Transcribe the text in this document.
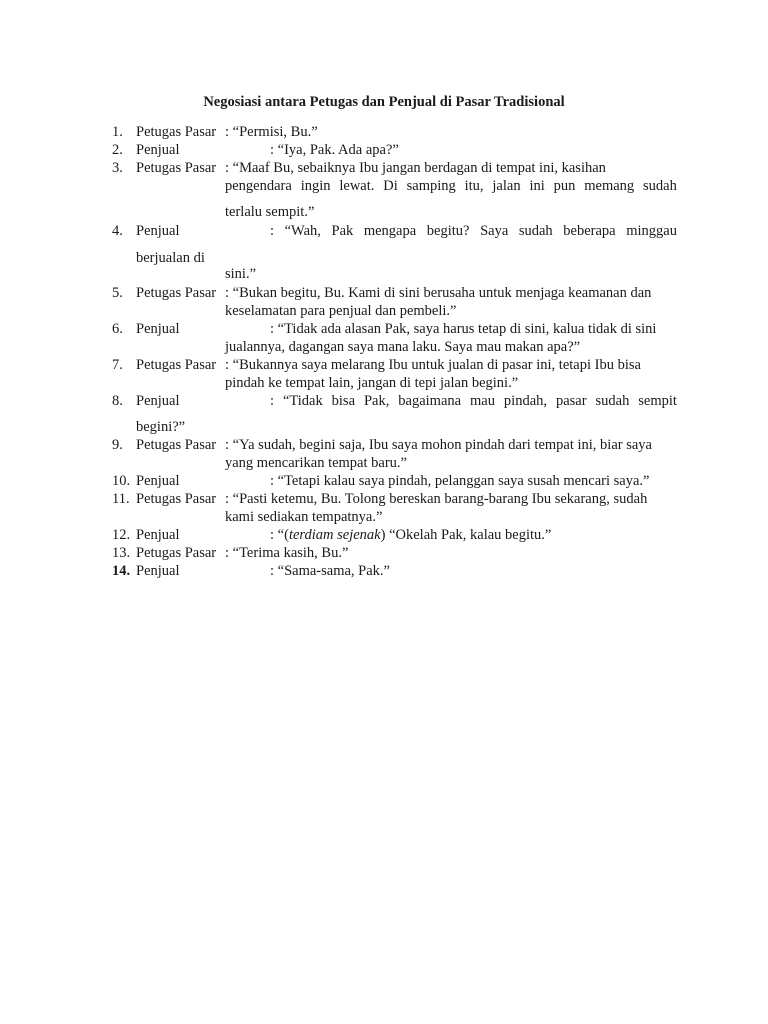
Negosiasi antara Petugas dan Penjual di Pasar Tradisional
1. Petugas Pasar : “Permisi, Bu.”
2. Penjual	: “Iya, Pak. Ada apa?”
3. Petugas Pasar : “Maaf Bu, sebaiknya Ibu jangan berdagan di tempat ini, kasihan
pengendara ingin lewat. Di samping itu, jalan ini pun memang sudah
terlalu sempit.”
4. Penjual	: “Wah, Pak mengapa begitu? Saya sudah beberapa minggau
berjualan di
sini.”
5. Petugas Pasar : “Bukan begitu, Bu. Kami di sini berusaha untuk menjaga keamanan dan
keselamatan para penjual dan pembeli.”
6. Penjual	: “Tidak ada alasan Pak, saya harus tetap di sini, kalua tidak di sini
jualannya, dagangan saya mana laku. Saya mau makan apa?”
7. Petugas Pasar : “Bukannya saya melarang Ibu untuk jualan di pasar ini, tetapi Ibu bisa
pindah ke tempat lain, jangan di tepi jalan begini.”
8. Penjual	: “Tidak bisa Pak, bagaimana mau pindah, pasar sudah sempit
begini?”
9. Petugas Pasar : “Ya sudah, begini saja, Ibu saya mohon pindah dari tempat ini, biar saya
yang mencarikan tempat baru.”
10. Penjual	: “Tetapi kalau saya pindah, pelanggan saya susah mencari saya.”
11. Petugas Pasar : “Pasti ketemu, Bu. Tolong bereskan barang-barang Ibu sekarang, sudah
kami sediakan tempatnya.”
12. Penjual	: “(terdiam sejenak) “Okelah Pak, kalau begitu.”
13. Petugas Pasar : “Terima kasih, Bu.”
14. Penjual	: “Sama-sama, Pak.”
